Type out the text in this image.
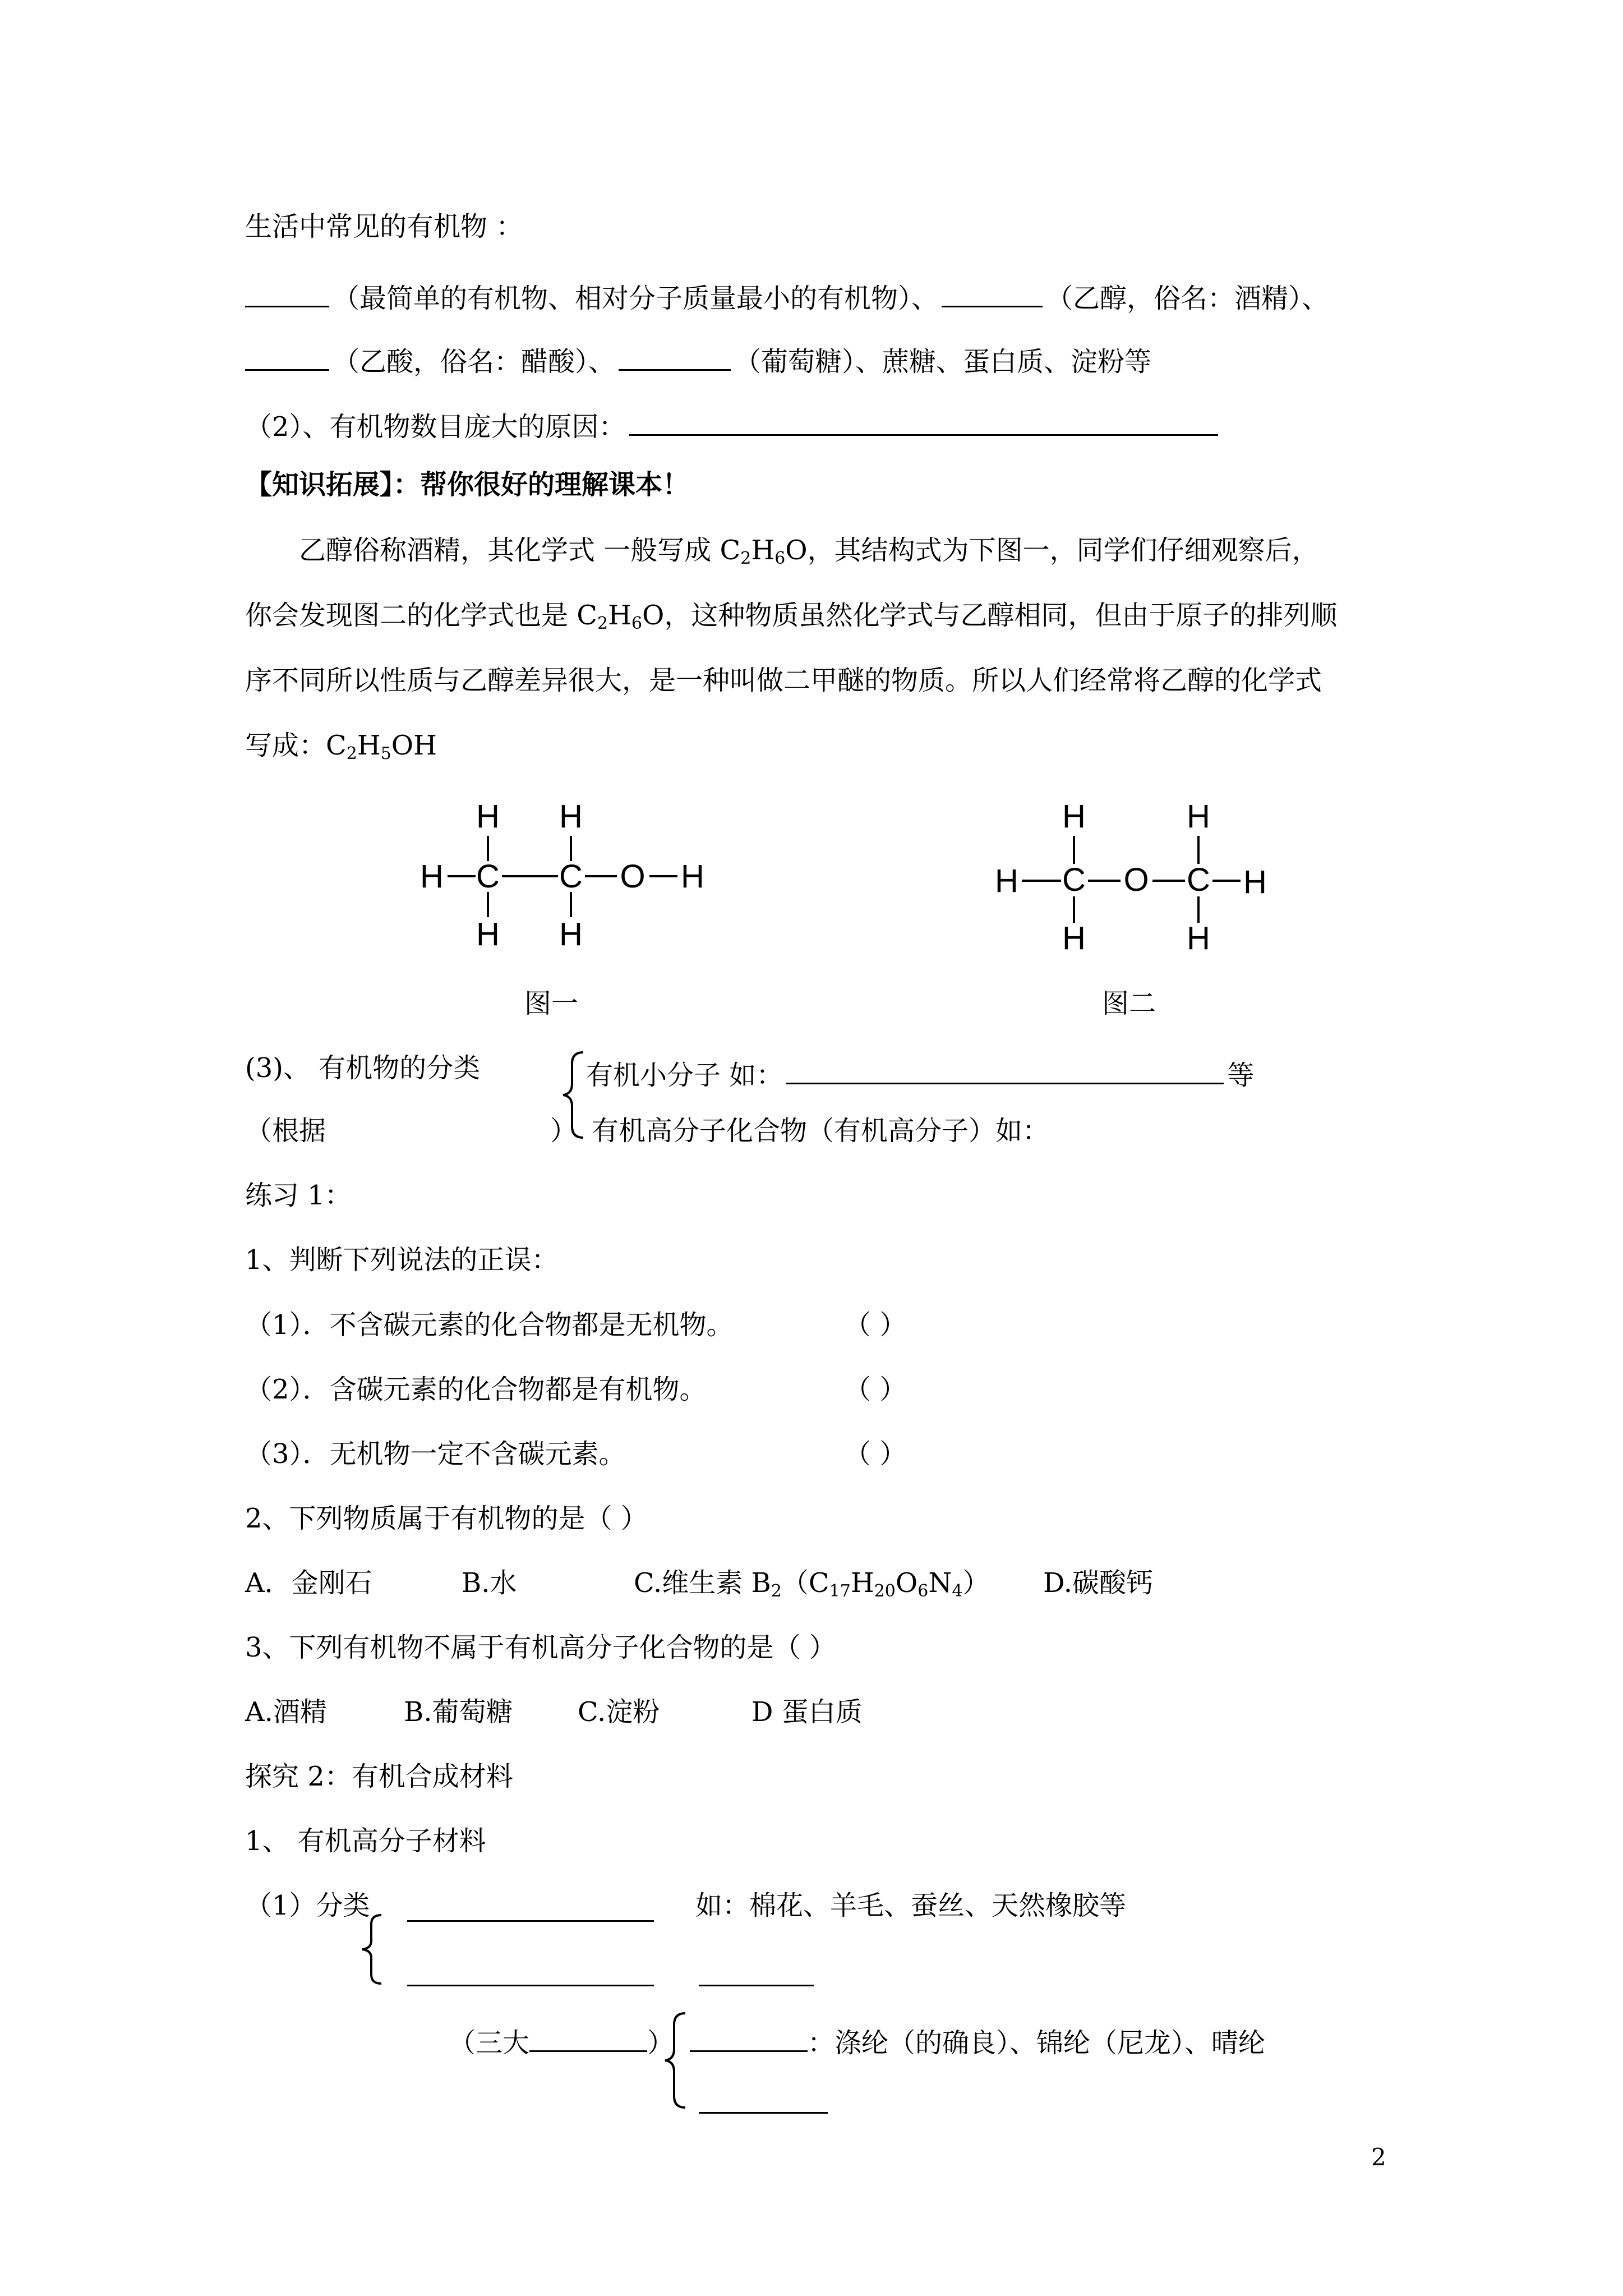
生活中常见的有机物 ：
（最简单的有机物、相对分子质量最小的有机物）、	（乙醇，俗名：酒精）、
（乙酸，俗名：醋酸）、	（葡萄糖）、蔗糖、蛋白质、淀粉等
（2）、有机物数目庞大的原因：
【知识拓展】：帮你很好的理解课本！
乙醇俗称酒精，其化学式 一般写成 $C_2H_6O$，其结构式为下图一，同学们仔细观察后，
你会发现图二的化学式也是 $C_2H_6O$，这种物质虽然化学式与乙醇相同，但由于原子的排列顺
序不同所以性质与乙醇差异很大，是一种叫做二甲醚的物质。所以人们经常将乙醇的化学式
写成：$C_2H_5OH$
H H
H C C O H
H H
H	H
H C O C H
H	H
图一	图二
(3)、 有机物的分类	有机小分子 如：	等
（根据	） 有机高分子化合物（有机高分子）如：
练习 1：
1、判断下列说法的正误：
（1）．不含碳元素的化合物都是无机物。	（ ）
（2）．含碳元素的化合物都是有机物。	（ ）
（3）．无机物一定不含碳元素。	（ ）
2、下列物质属于有机物的是（ ）
A．金刚石	B.水	C.维生素 $B_2(C_{17}H_{20}O_6N_4)$ D.碳酸钙
3、下列有机物不属于有机高分子化合物的是（ ）
A.酒精	B.葡萄糖 C.淀粉	D 蛋白质
探究 2：有机合成材料
1、 有机高分子材料
（1）分类	如：棉花、羊毛、蚕丝、天然橡胶等
（三大	）	：涤纶（的确良）、锦纶（尼龙）、晴纶
2
